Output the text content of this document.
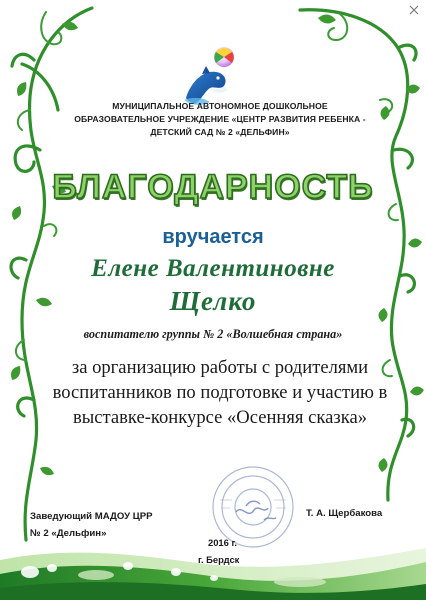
МУНИЦИПАЛЬНОЕ АВТОНОМНОЕ ДОШКОЛЬНОЕ ОБРАЗОВАТЕЛЬНОЕ УЧРЕЖДЕНИЕ «ЦЕНТР РАЗВИТИЯ РЕБЕНКА - ДЕТСКИЙ САД № 2 «ДЕЛЬФИН»
БЛАГОДАРНОСТЬ
вручается
Елене Валентиновне
Щелко
воспитателю группы № 2 «Волшебная страна»
за организацию работы с родителями воспитанников по подготовке и участию в выставке-конкурсе «Осенняя сказка»
Заведующий МАДОУ ЦРР
№ 2 «Дельфин»
Т. А. Щербакова
2016 г.
г. Бердск
